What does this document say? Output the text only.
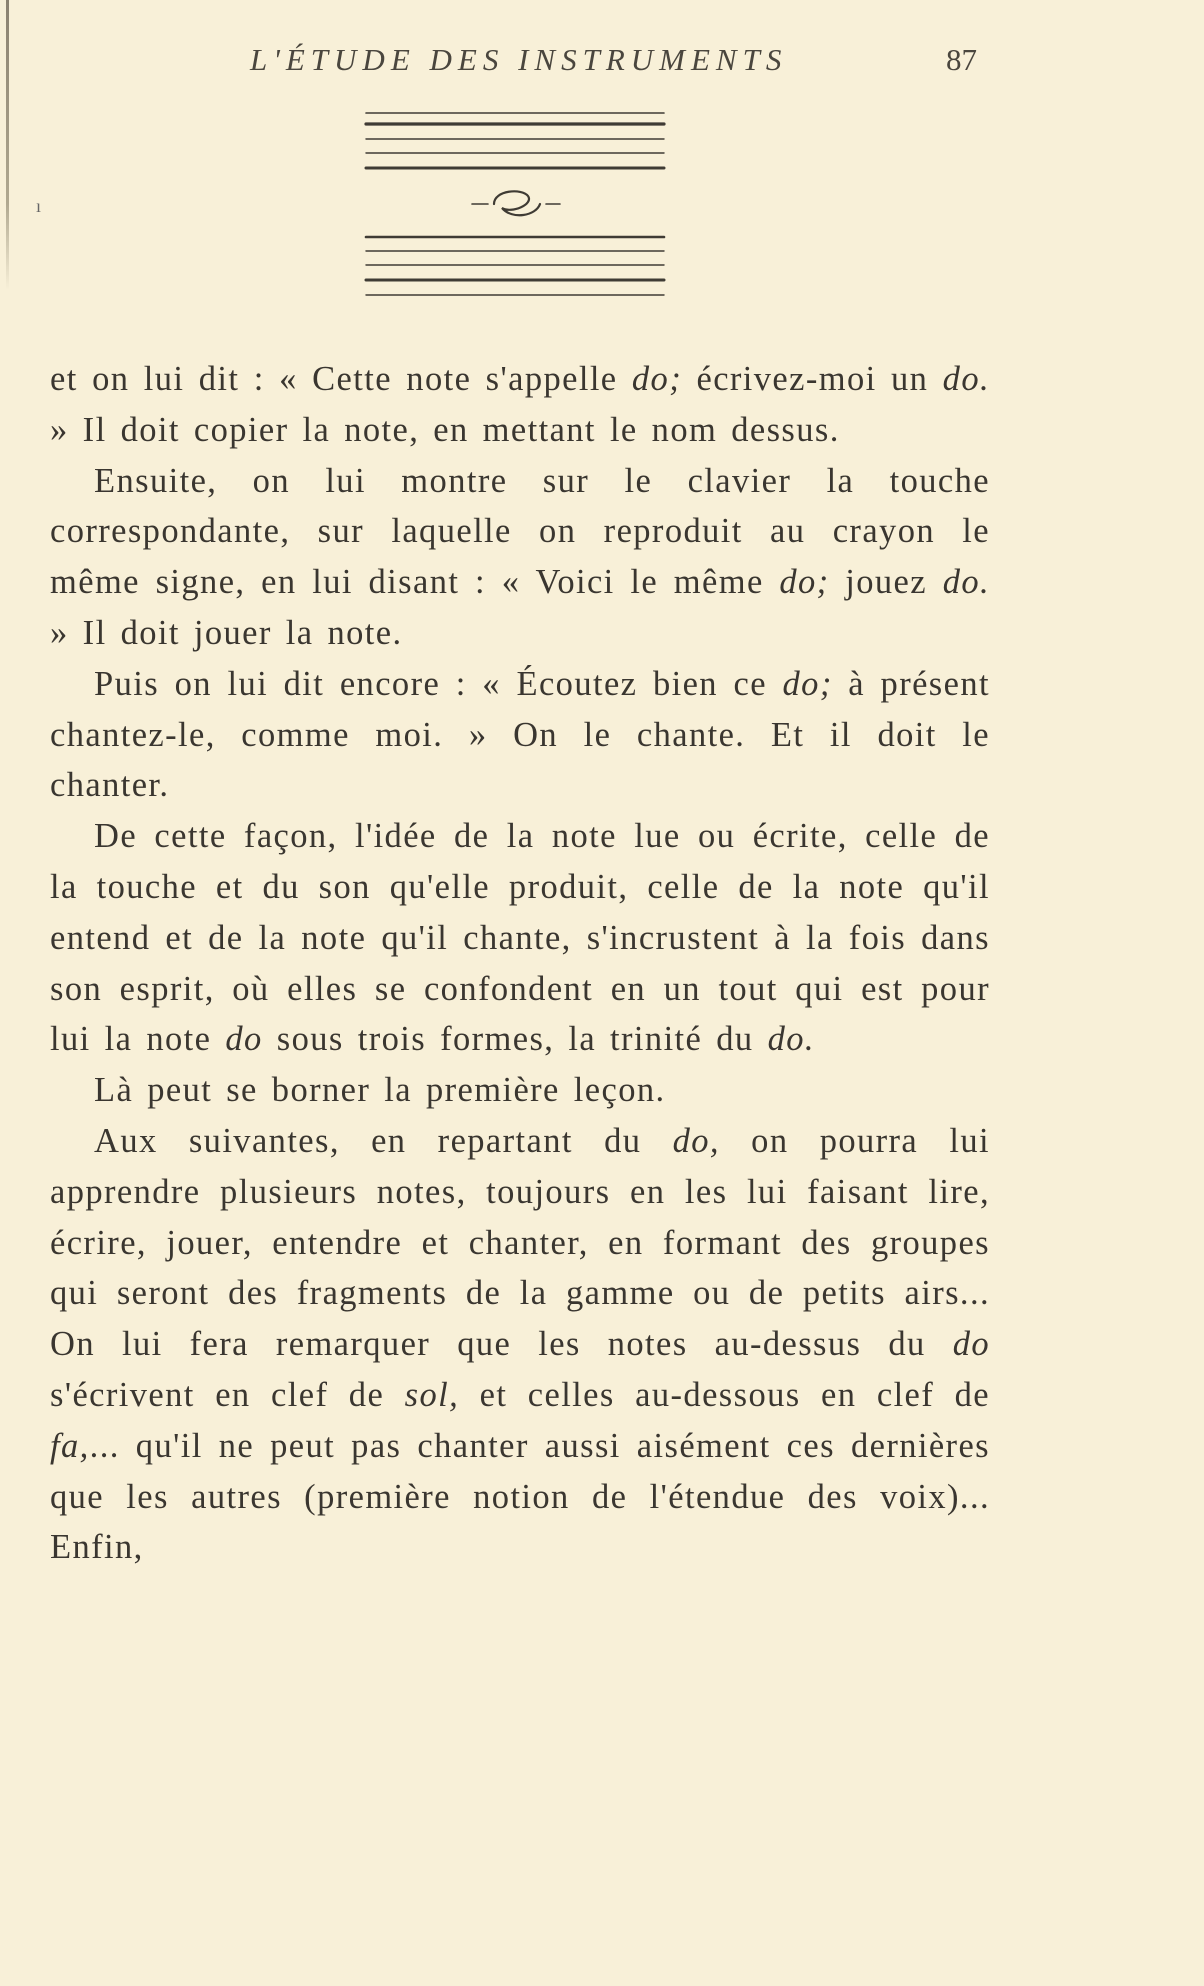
ı
L'ÉTUDE DES INSTRUMENTS	87

et on lui dit : « Cette note s'appelle do; écrivez-moi un do. » Il doit copier la note, en mettant le nom dessus.

Ensuite, on lui montre sur le clavier la touche correspondante, sur laquelle on reproduit au crayon le même signe, en lui disant : « Voici le même do; jouez do. » Il doit jouer la note.

Puis on lui dit encore : « Écoutez bien ce do; à présent chantez-le, comme moi. » On le chante. Et il doit le chanter.

De cette façon, l'idée de la note lue ou écrite, celle de la touche et du son qu'elle produit, celle de la note qu'il entend et de la note qu'il chante, s'incrustent à la fois dans son esprit, où elles se confondent en un tout qui est pour lui la note do sous trois formes, la trinité du do.

Là peut se borner la première leçon.

Aux suivantes, en repartant du do, on pourra lui apprendre plusieurs notes, toujours en les lui faisant lire, écrire, jouer, entendre et chanter, en formant des groupes qui seront des fragments de la gamme ou de petits airs... On lui fera remarquer que les notes au-dessus du do s'écrivent en clef de sol, et celles au-dessous en clef de fa,... qu'il ne peut pas chanter aussi aisément ces dernières que les autres (première notion de l'étendue des voix)... Enfin,
